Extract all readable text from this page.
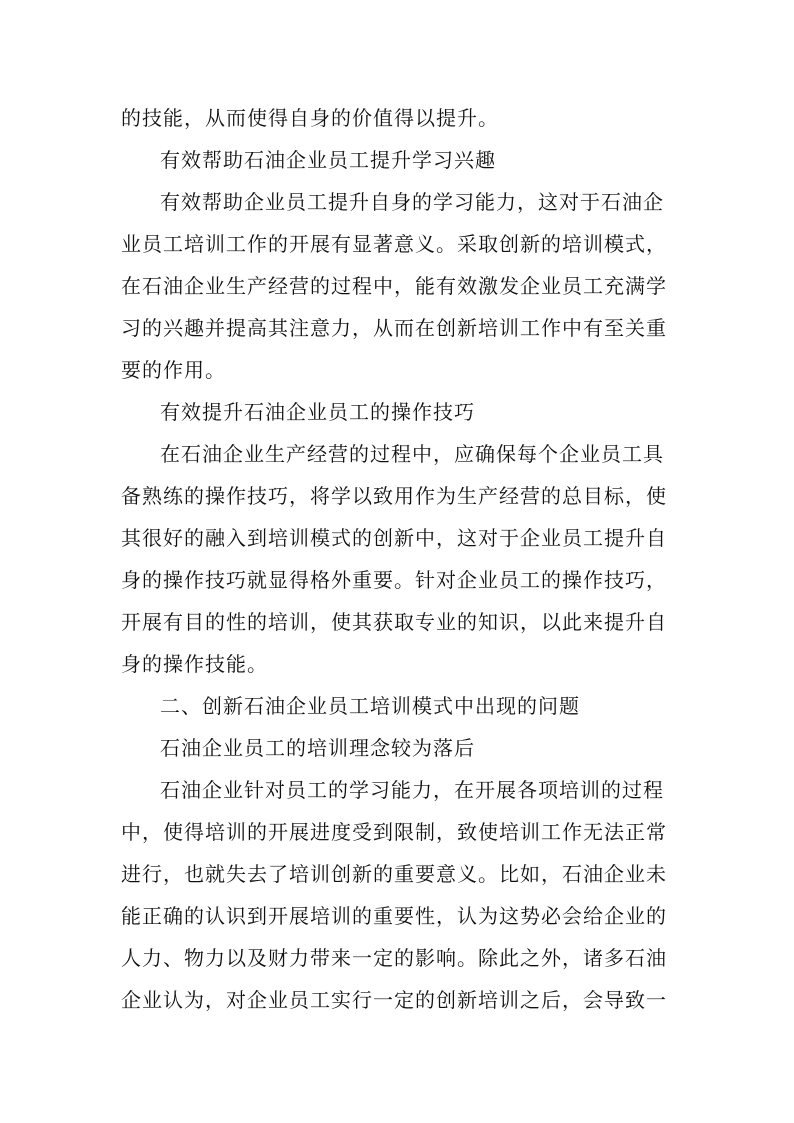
的技能，从而使得自身的价值得以提升。

有效帮助石油企业员工提升学习兴趣

有效帮助企业员工提升自身的学习能力，这对于石油企

业员工培训工作的开展有显著意义。采取创新的培训模式，

在石油企业生产经营的过程中，能有效激发企业员工充满学

习的兴趣并提高其注意力，从而在创新培训工作中有至关重

要的作用。

有效提升石油企业员工的操作技巧

在石油企业生产经营的过程中，应确保每个企业员工具

备熟练的操作技巧，将学以致用作为生产经营的总目标，使

其很好的融入到培训模式的创新中，这对于企业员工提升自

身的操作技巧就显得格外重要。针对企业员工的操作技巧，

开展有目的性的培训，使其获取专业的知识，以此来提升自

身的操作技能。

二、创新石油企业员工培训模式中出现的问题

石油企业员工的培训理念较为落后

石油企业针对员工的学习能力，在开展各项培训的过程

中，使得培训的开展进度受到限制，致使培训工作无法正常

进行，也就失去了培训创新的重要意义。比如，石油企业未

能正确的认识到开展培训的重要性，认为这势必会给企业的

人力、物力以及财力带来一定的影响。除此之外，诸多石油

企业认为，对企业员工实行一定的创新培训之后，会导致一
